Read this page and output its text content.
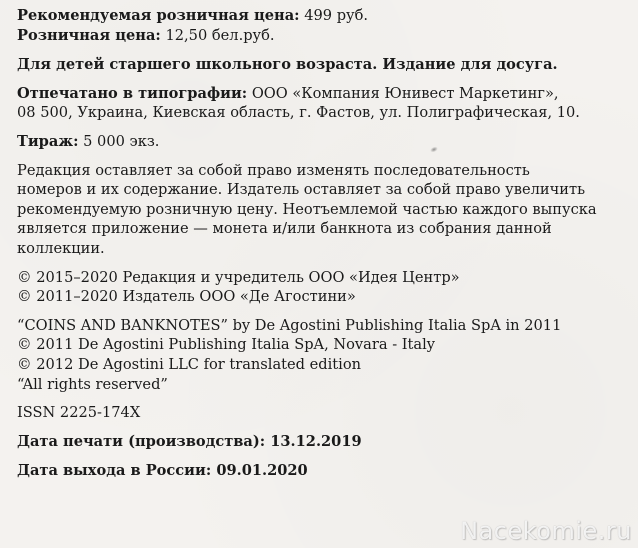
Рекомендуемая розничная цена: 499 руб.
Розничная цена: 12,50 бел.руб.

Для детей старшего школьного возраста. Издание для досуга.

Отпечатано в типографии: ООО «Компания Юнивест Маркетинг»,
08 500, Украина, Киевская область, г. Фастов, ул. Полиграфическая, 10.

Тираж: 5 000 экз.

Редакция оставляет за собой право изменять последовательность
номеров и их содержание. Издатель оставляет за собой право увеличить
рекомендуемую розничную цену. Неотъемлемой частью каждого выпуска
является приложение — монета и/или банкнота из собрания данной
коллекции.

© 2015–2020 Редакция и учредитель ООО «Идея Центр»
© 2011–2020 Издатель ООО «Де Агостини»

“COINS AND BANKNOTES” by De Agostini Publishing Italia SpA in 2011
© 2011 De Agostini Publishing Italia SpA, Novara - Italy
© 2012 De Agostini LLC for translated edition
“All rights reserved”

ISSN 2225-174X

Дата печати (производства): 13.12.2019

Дата выхода в России: 09.01.2020

Nacekomie.ru
